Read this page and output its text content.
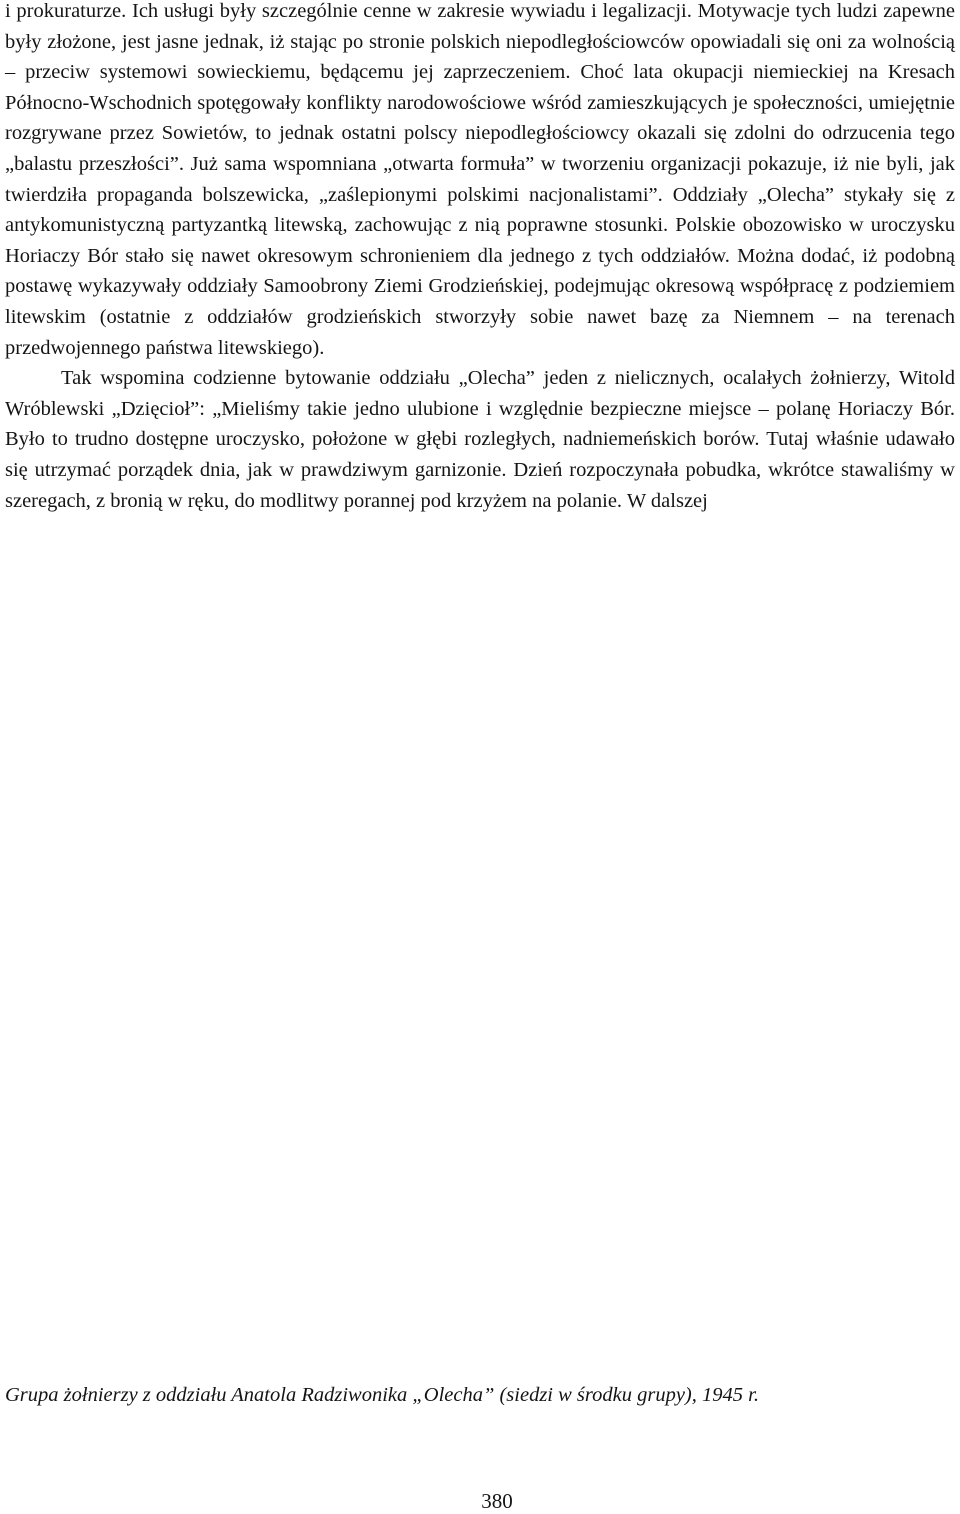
i prokuraturze. Ich usługi były szczególnie cenne w zakresie wywiadu i legalizacji. Motywacje tych ludzi zapewne były złożone, jest jasne jednak, iż stając po stronie polskich niepodległościowców opowiadali się oni za wolnością – przeciw systemowi sowieckiemu, będącemu jej zaprzeczeniem. Choć lata okupacji niemieckiej na Kresach Północno-Wschodnich spotęgowały konflikty narodowościowe wśród zamieszkujących je społeczności, umiejętnie rozgrywane przez Sowietów, to jednak ostatni polscy niepodległościowcy okazali się zdolni do odrzucenia tego „balastu przeszłości”. Już sama wspomniana „otwarta formuła” w tworzeniu organizacji pokazuje, iż nie byli, jak twierdziła propaganda bolszewicka, „zaślepionymi polskimi nacjonalistami”. Oddziały „Olecha” stykały się z antykomunistyczną partyzantką litewską, zachowując z nią poprawne stosunki. Polskie obozowisko w uroczysku Horiaczy Bór stało się nawet okresowym schronieniem dla jednego z tych oddziałów. Można dodać, iż podobną postawę wykazywały oddziały Samoobrony Ziemi Grodzieńskiej, podejmując okresową współpracę z podziemiem litewskim (ostatnie z oddziałów grodzieńskich stworzyły sobie nawet bazę za Niemnem – na terenach przedwojennego państwa litewskiego).

Tak wspomina codzienne bytowanie oddziału „Olecha” jeden z nielicznych, ocalałych żołnierzy, Witold Wróblewski „Dzięcioł”: „Mieliśmy takie jedno ulubione i względnie bezpieczne miejsce – polanę Horiaczy Bór. Było to trudno dostępne uroczysko, położone w głębi rozległych, nadniemeńskich borów. Tutaj właśnie udawało się utrzymać porządek dnia, jak w prawdziwym garnizonie. Dzień rozpoczynała pobudka, wkrótce stawaliśmy w szeregach, z bronią w ręku, do modlitwy porannej pod krzyżem na polanie. W dalszej

Grupa żołnierzy z oddziału Anatola Radziwonika „Olecha” (siedzi w środku grupy), 1945 r.
380
